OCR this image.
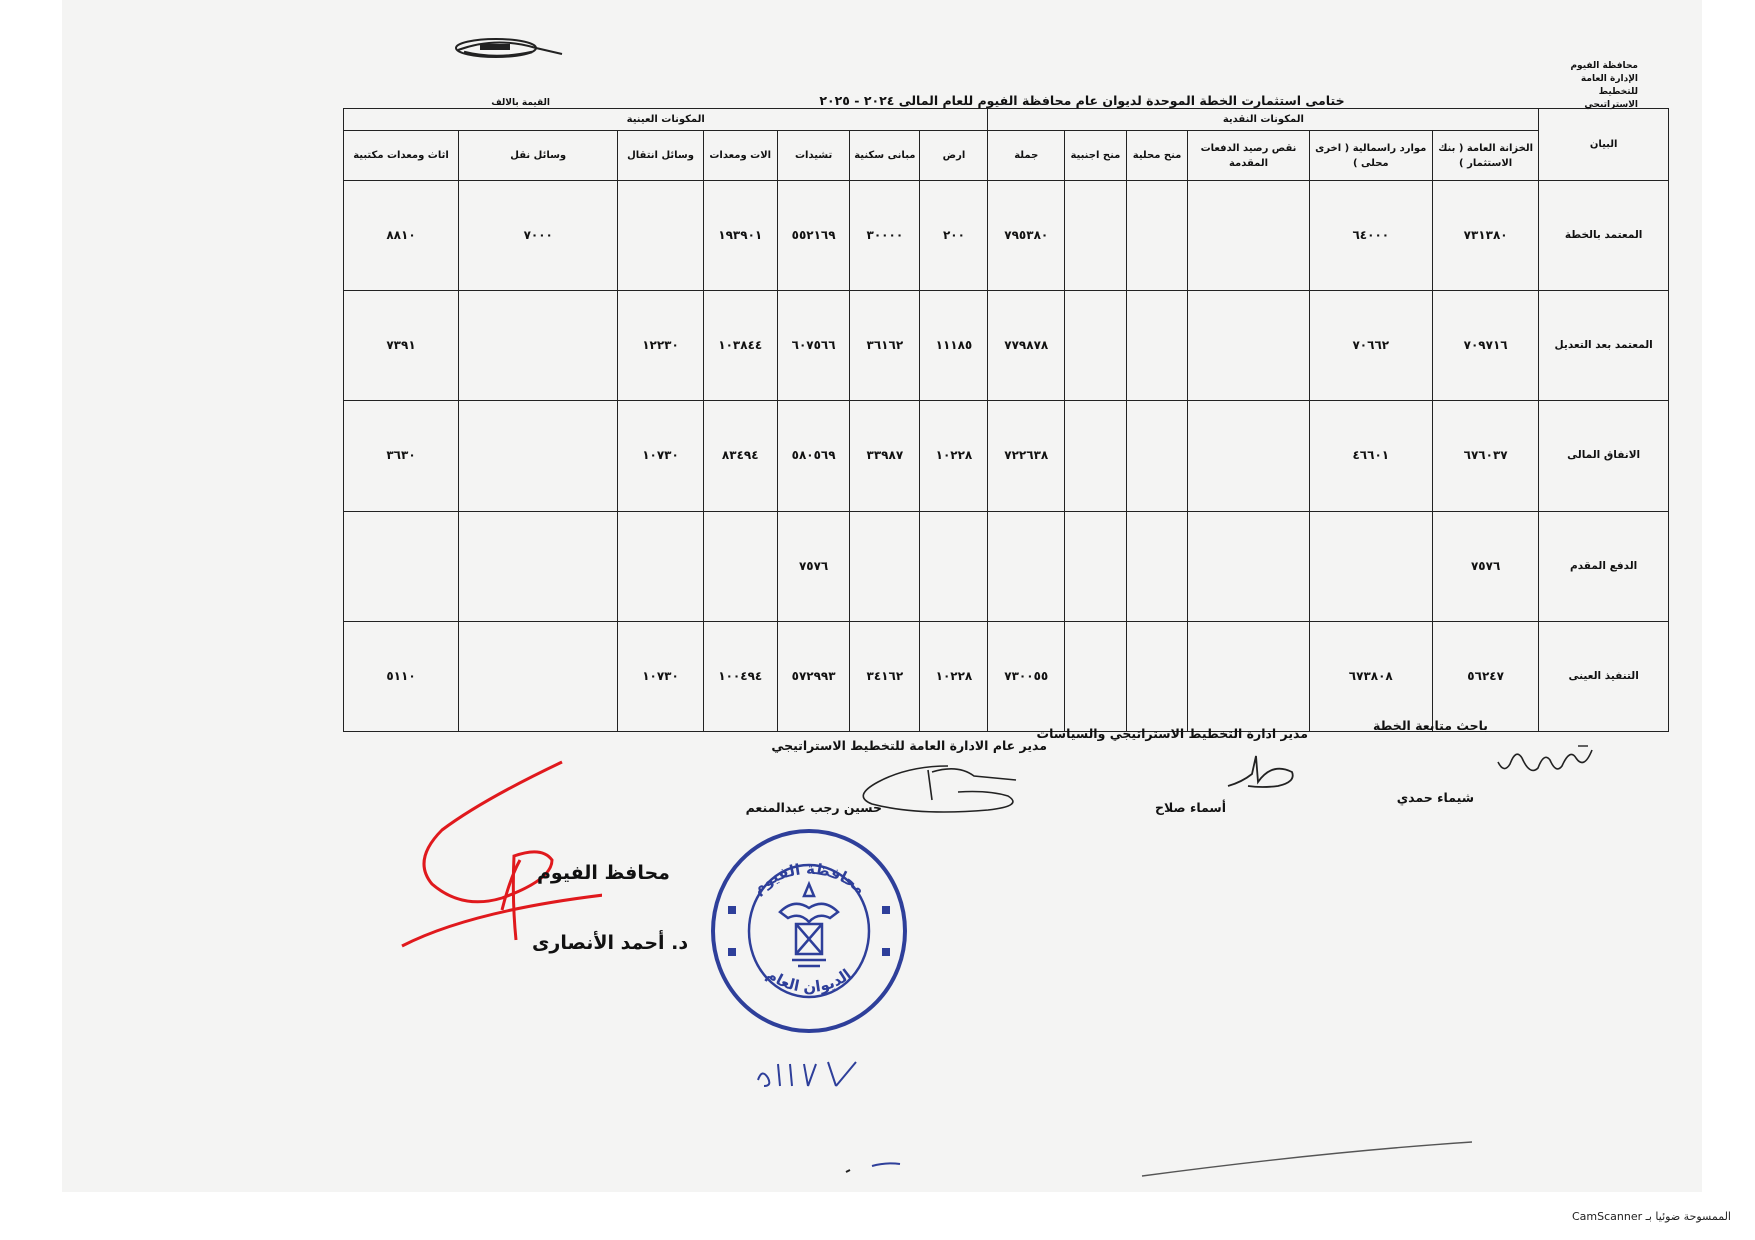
محافظة الفيوم
الإدارة العامة للتخطيط
الاستراتيجي
ختامى استثمارت الخطة الموحدة لديوان عام محافظة الفيوم للعام المالى ٢٠٢٤ - ٢٠٢٥
القيمة بالالف
البيان	المكونات النقدية						المكونات العينية						
	الخزانة العامة ( بنك الاستثمار )	موارد راسمالية ( اخرى محلى )	نقص رصيد الدفعات المقدمة	منح محلية	منح اجنبية	جملة	ارض	مبانى سكنية	تشيدات	الات ومعدات	وسائل انتقال	وسائل نقل	اثاث ومعدات مكتبية
المعتمد بالخطة	٧٣١٣٨٠	٦٤٠٠٠				٧٩٥٣٨٠	٢٠٠	٣٠٠٠٠	٥٥٢١٦٩	١٩٣٩٠١		٧٠٠٠	٨٨١٠
المعتمد بعد التعديل	٧٠٩٧١٦	٧٠٦٦٢				٧٧٩٨٧٨	١١١٨٥	٣٦١٦٢	٦٠٧٥٦٦	١٠٣٨٤٤	١٢٢٣٠		٧٣٩١
الانفاق المالى	٦٧٦٠٣٧	٤٦٦٠١				٧٢٢٦٣٨	١٠٢٢٨	٣٣٩٨٧	٥٨٠٥٦٩	٨٣٤٩٤	١٠٧٣٠		٣٦٣٠
الدفع المقدم	٧٥٧٦								٧٥٧٦				
التنفيذ العينى	٥٦٢٤٧	٦٧٣٨٠٨				٧٣٠٠٥٥	١٠٢٢٨	٣٤١٦٢	٥٧٢٩٩٣	١٠٠٤٩٤	١٠٧٣٠		٥١١٠
باحث متابعة الخطة
شيماء حمدي
مدير ادارة التخطيط الاستراتيجي والسياسات
أسماء صلاح
مدير عام الادارة العامة للتخطيط الاستراتيجي
حسين رجب عبدالمنعم
محافظ الفيوم
د. أحمد الأنصارى
محافظة الفيوم
الديوان العام
الممسوحة ضوئيا بـ CamScanner
